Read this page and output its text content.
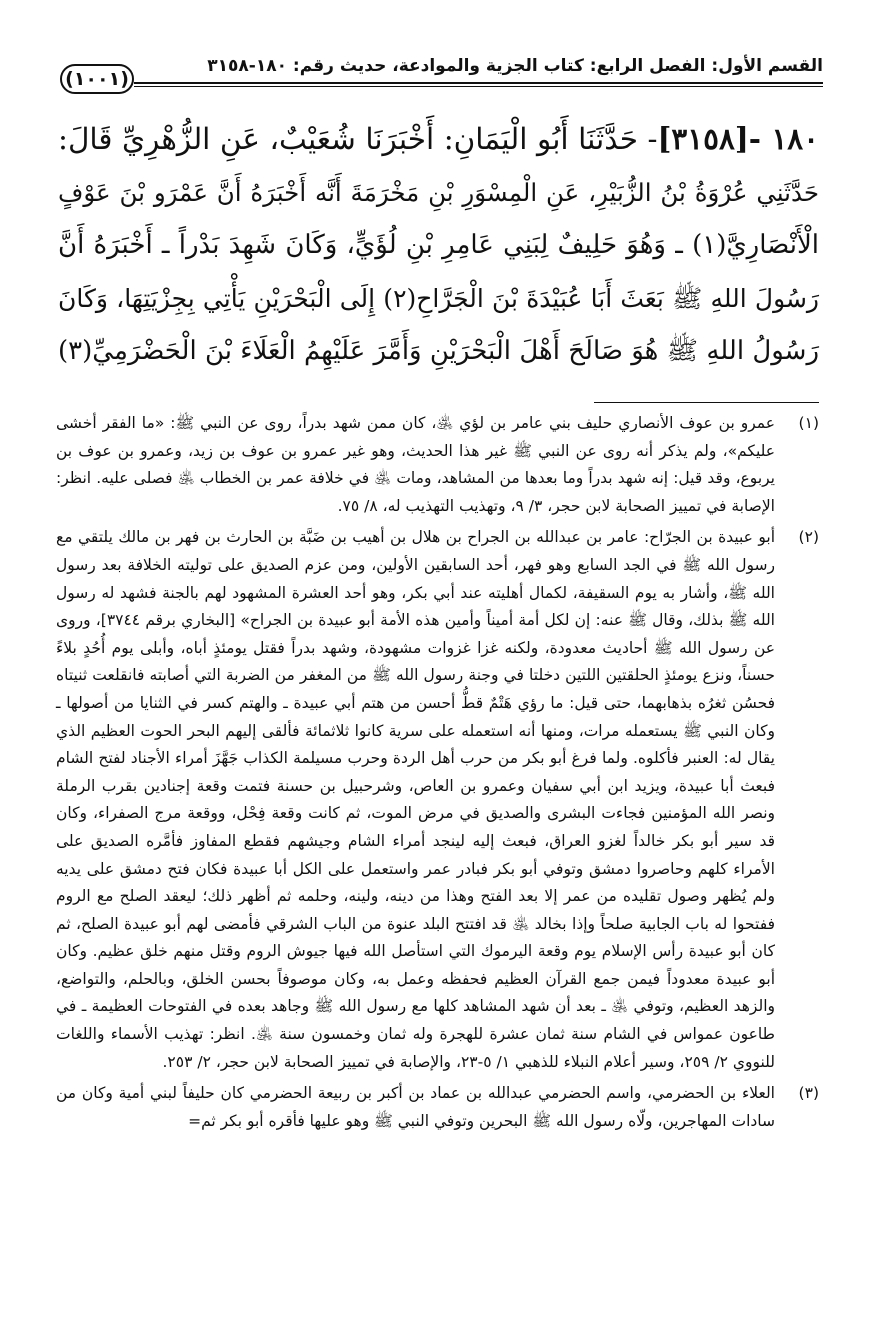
القسم الأول: الفصل الرابع: كتاب الجزية والموادعة، حديث رقم: ١٨٠-٣١٥٨
(١٠٠١)
١٨٠ -[٣١٥٨]- حَدَّثَنَا أَبُو الْيَمَانِ: أَخْبَرَنَا شُعَيْبٌ، عَنِ الزُّهْرِيِّ قَالَ:
حَدَّثَنِي عُرْوَةُ بْنُ الزُّبَيْرِ، عَنِ الْمِسْوَرِ بْنِ مَخْرَمَةَ أَنَّه أَخْبَرَهُ أَنَّ عَمْرَو بْنَ عَوْفٍ
الْأَنْصَارِيَّ(١) ـ وَهُوَ حَلِيفٌ لِبَنِي عَامِرِ بْنِ لُؤَيٍّ، وَكَانَ شَهِدَ بَدْراً ـ أَخْبَرَهُ أَنَّ
رَسُولَ اللهِ ﷺ بَعَثَ أَبَا عُبَيْدَةَ بْنَ الْجَرَّاحِ(٢) إِلَى الْبَحْرَيْنِ يَأْتِي بِجِزْيَتِهَا، وَكَانَ
رَسُولُ اللهِ ﷺ هُوَ صَالَحَ أَهْلَ الْبَحْرَيْنِ وَأَمَّرَ عَلَيْهِمُ الْعَلَاءَ بْنَ الْحَضْرَمِيِّ(٣)
(١)
عمرو بن عوف الأنصاري حليف بني عامر بن لؤي ﵁، كان ممن شهد بدراً، روى عن النبي ﷺ: «ما الفقر أخشى عليكم»، ولم يذكر أنه روى عن النبي ﷺ غير هذا الحديث، وهو غير عمرو بن عوف بن زيد، وعمرو بن عوف بن يربوع، وقد قيل: إنه شهد بدراً وما بعدها من المشاهد، ومات ﵁ في خلافة عمر بن الخطاب ﵁ فصلى عليه. انظر: الإصابة في تمييز الصحابة لابن حجر، ٣/ ٩، وتهذيب التهذيب له، ٨/ ٧٥.
(٢)
أبو عبيدة بن الجرّاح: عامر بن عبدالله بن الجراح بن هلال بن أهيب بن ضَبَّة بن الحارث بن فهر بن مالك يلتقي مع رسول الله ﷺ في الجد السابع وهو فهر، أحد السابقين الأولين، ومن عزم الصديق على توليته الخلافة بعد رسول الله ﷺ، وأشار به يوم السقيفة، لكمال أهليته عند أبي بكر، وهو أحد العشرة المشهود لهم بالجنة فشهد له رسول الله ﷺ بذلك، وقال ﷺ عنه: إن لكل أمة أميناً وأمين هذه الأمة أبو عبيدة بن الجراح» [البخاري برقم ٣٧٤٤]، وروى عن رسول الله ﷺ أحاديث معدودة، ولكنه غزا غزوات مشهودة، وشهد بدراً فقتل يومئذٍ أباه، وأبلى يوم أُحُدٍ بلاءً حسناً، ونزع يومئذٍ الحلقتين اللتين دخلتا في وجنة رسول الله ﷺ من المغفر من الضربة التي أصابته فانقلعت ثنيتاه فحسُن ثغرُه بذهابهما، حتى قيل: ما رؤي هَتْمٌ قطُّ أحسن من هتم أبي عبيدة ـ والهتم كسر في الثنايا من أصولها ـ وكان النبي ﷺ يستعمله مرات، ومنها أنه استعمله على سرية كانوا ثلاثمائة فألقى إليهم البحر الحوت العظيم الذي يقال له: العنبر فأكلوه. ولما فرغ أبو بكر من حرب أهل الردة وحرب مسيلمة الكذاب جَهَّزَ أمراء الأجناد لفتح الشام فبعث أبا عبيدة، ويزيد ابن أبي سفيان وعمرو بن العاص، وشرحبيل بن حسنة فتمت وقعة إجنادين بقرب الرملة ونصر الله المؤمنين فجاءت البشرى والصديق في مرض الموت، ثم كانت وقعة فِحْل، ووقعة مرج الصفراء، وكان قد سير أبو بكر خالداً لغزو العراق، فبعث إليه لينجد أمراء الشام وجيشهم فقطع المفاوز فأمَّره الصديق على الأمراء كلهم وحاصروا دمشق وتوفي أبو بكر فبادر عمر واستعمل على الكل أبا عبيدة فكان فتح دمشق على يديه ولم يُظهر وصول تقليده من عمر إلا بعد الفتح وهذا من دينه، ولينه، وحلمه ثم أظهر ذلك؛ ليعقد الصلح مع الروم ففتحوا له باب الجابية صلحاً وإذا بخالد ﵁ قد افتتح البلد عنوة من الباب الشرقي فأمضى لهم أبو عبيدة الصلح، ثم كان أبو عبيدة رأس الإسلام يوم وقعة اليرموك التي استأصل الله فيها جيوش الروم وقتل منهم خلق عظيم. وكان أبو عبيدة معدوداً فيمن جمع القرآن العظيم فحفظه وعمل به، وكان موصوفاً بحسن الخلق، وبالحلم، والتواضع، والزهد العظيم، وتوفي ﵁ ـ بعد أن شهد المشاهد كلها مع رسول الله ﷺ وجاهد بعده في الفتوحات العظيمة ـ في طاعون عمواس في الشام سنة ثمان عشرة للهجرة وله ثمان وخمسون سنة ﵁. انظر: تهذيب الأسماء واللغات للنووي ٢/ ٢٥٩، وسير أعلام النبلاء للذهبي ١/ ٥-٢٣، والإصابة في تمييز الصحابة لابن حجر، ٢/ ٢٥٣.
(٣)
العلاء بن الحضرمي، واسم الحضرمي عبدالله بن عماد بن أكبر بن ربيعة الحضرمي كان حليفاً لبني أمية وكان من سادات المهاجرين، ولّاه رسول الله ﷺ البحرين وتوفي النبي ﷺ وهو عليها فأقره أبو بكر ثم=
